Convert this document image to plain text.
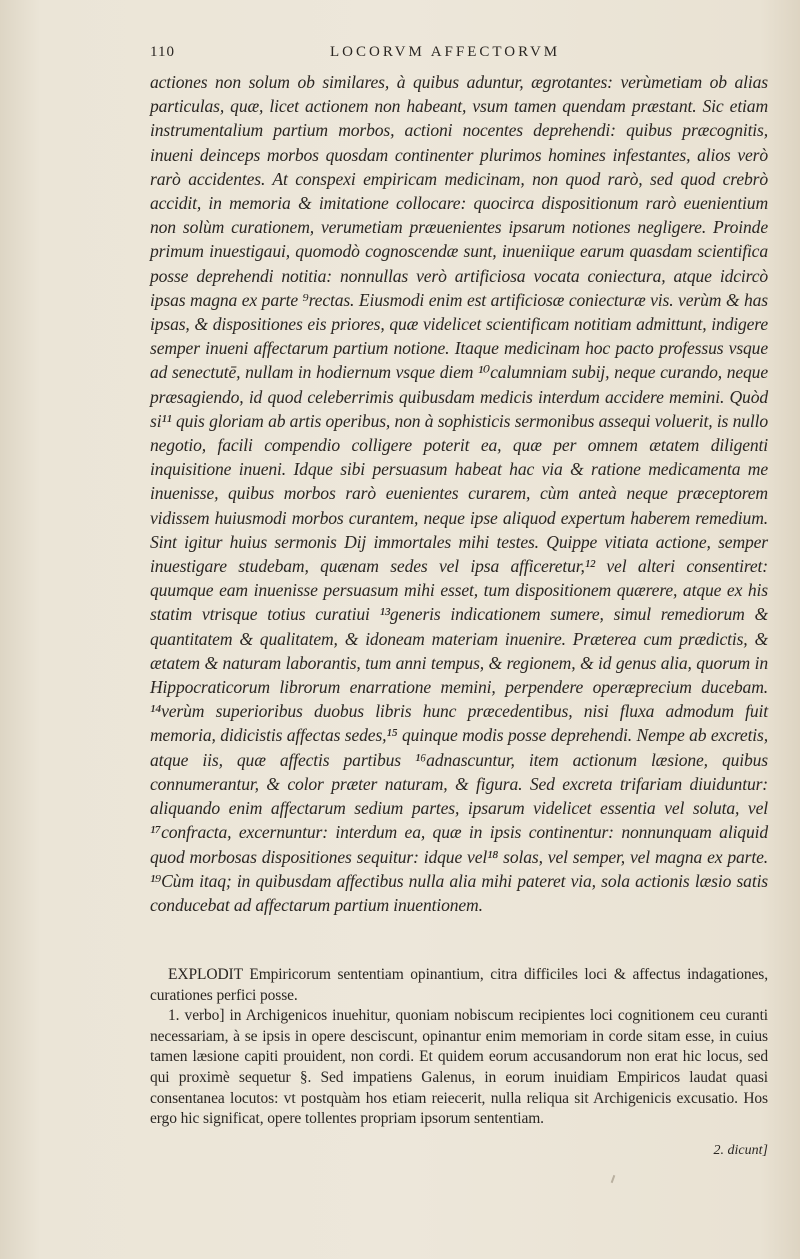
110	LOCORVM AFFECTORVM

actiones non solum ob similares, à quibus aduntur, ægrotantes: verùmetiam ob alias particulas, quæ, licet actionem non habeant, vsum tamen quendam præstant. Sic etiam instrumentalium partium morbos, actioni nocentes deprehendi: quibus præcognitis, inueni deinceps morbos quosdam continenter plurimos homines infestantes, alios verò rarò accidentes. At conspexi empiricam medicinam, non quod rarò, sed quod crebrò accidit, in memoria & imitatione collocare: quocirca dispositionum rarò euenientium non solùm curationem, verumetiam præuenientes ipsarum notiones negligere. Proinde primum inuestigaui, quomodò cognoscendæ sunt, inueniique earum quasdam scientifica posse deprehendi notitia: nonnullas verò artificiosa vocata coniectura, atque idcircò ipsas magna ex parte ⁹rectas. Eiusmodi enim est artificiosæ coniecturæ vis. verùm & has ipsas, & dispositiones eis priores, quæ videlicet scientificam notitiam admittunt, indigere semper inueni affectarum partium notione. Itaque medicinam hoc pacto professus vsque ad senectutē, nullam in hodiernum vsque diem ¹⁰calumniam subij, neque curando, neque præsagiendo, id quod celeberrimis quibusdam medicis interdum accidere memini. Quòd si¹¹ quis gloriam ab artis operibus, non à sophisticis sermonibus assequi voluerit, is nullo negotio, facili compendio colligere poterit ea, quæ per omnem ætatem diligenti inquisitione inueni. Idque sibi persuasum habeat hac via & ratione medicamenta me inuenisse, quibus morbos rarò euenientes curarem, cùm anteà neque præceptorem vidissem huiusmodi morbos curantem, neque ipse aliquod expertum haberem remedium. Sint igitur huius sermonis Dij immortales mihi testes. Quippe vitiata actione, semper inuestigare studebam, quænam sedes vel ipsa afficeretur,¹² vel alteri consentiret: quumque eam inuenisse persuasum mihi esset, tum dispositionem quærere, atque ex his statim vtrisque totius curatiui ¹³generis indicationem sumere, simul remediorum & quantitatem & qualitatem, & idoneam materiam inuenire. Præterea cum prædictis, & ætatem & naturam laborantis, tum anni tempus, & regionem, & id genus alia, quorum in Hippocraticorum librorum enarratione memini, perpendere operæprecium ducebam. ¹⁴verùm superioribus duobus libris hunc præcedentibus, nisi fluxa admodum fuit memoria, didicistis affectas sedes,¹⁵ quinque modis posse deprehendi. Nempe ab excretis, atque iis, quæ affectis partibus ¹⁶adnascuntur, item actionum læsione, quibus connumerantur, & color præter naturam, & figura. Sed excreta trifariam diuiduntur: aliquando enim affectarum sedium partes, ipsarum videlicet essentia vel soluta, vel ¹⁷confracta, excernuntur: interdum ea, quæ in ipsis continentur: nonnunquam aliquid quod morbosas dispositiones sequitur: idque vel¹⁸ solas, vel semper, vel magna ex parte. ¹⁹Cùm itaq; in quibusdam affectibus nulla alia mihi pateret via, sola actionis læsio satis conducebat ad affectarum partium inuentionem.

EXPLODIT Empiricorum sententiam opinantium, citra difficiles loci & affectus indagationes, curationes perfici posse.

1. verbo] in Archigenicos inuehitur, quoniam nobiscum recipientes loci cognitionem ceu curanti necessariam, à se ipsis in opere desciscunt, opinantur enim memoriam in corde sitam esse, in cuius tamen læsione capiti prouident, non cordi. Et quidem eorum accusandorum non erat hic locus, sed qui proximè sequetur §. Sed impatiens Galenus, in eorum inuidiam Empiricos laudat quasi consentanea locutos: vt postquàm hos etiam reiecerit, nulla reliqua sit Archigenicis excusatio. Hos ergo hic significat, opere tollentes propriam ipsorum sententiam.

2. dicunt]
